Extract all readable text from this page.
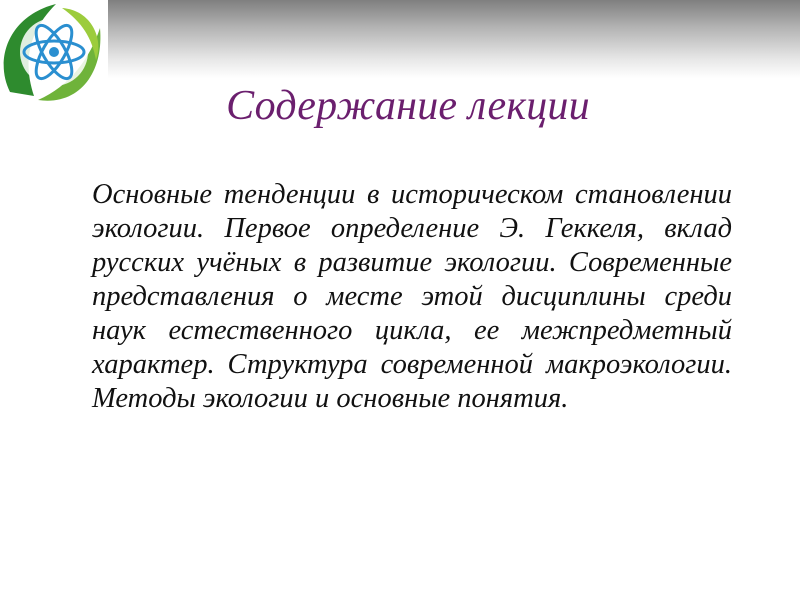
Содержание лекции
Основные тенденции в историческом становлении экологии. Первое определение Э. Геккеля, вклад русских учёных в развитие экологии. Современные представления о месте этой дисциплины среди наук естественного цикла, ее межпредметный характер. Структура современной макроэкологии. Методы экологии и основные понятия.
